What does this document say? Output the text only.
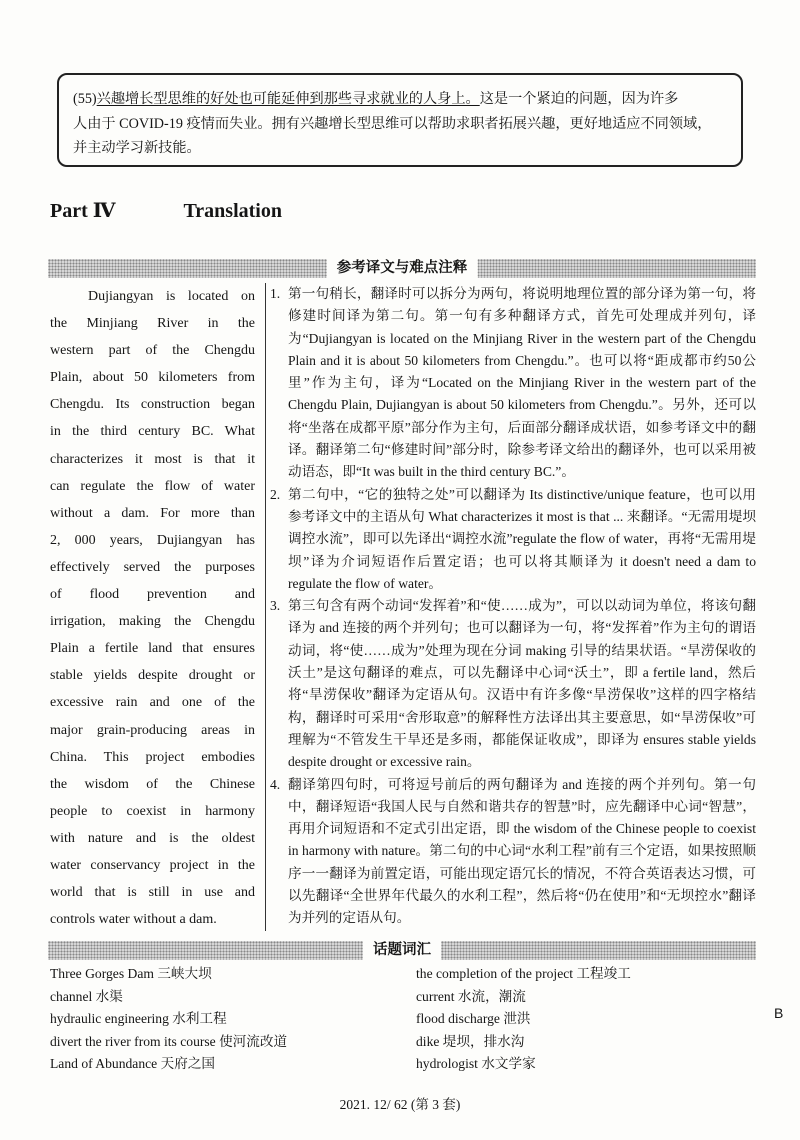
(55)兴趣增长型思维的好处也可能延伸到那些寻求就业的人身上。这是一个紧迫的问题，因为许多
人由于 COVID-19 疫情而失业。拥有兴趣增长型思维可以帮助求职者拓展兴趣，更好地适应不同领域，
并主动学习新技能。
Part Ⅳ	Translation
参考译文与难点注释
Dujiangyan is located on
the Minjiang River in the
western part of the Chengdu
Plain, about 50 kilometers from
Chengdu. Its construction began
in the third century BC. What
characterizes it most is that it
can regulate the flow of water
without a dam. For more than
2, 000 years, Dujiangyan has
effectively served the purposes
of flood prevention and
irrigation, making the Chengdu
Plain a fertile land that ensures
stable yields despite drought or
excessive rain and one of the
major grain-producing areas in
China. This project embodies
the wisdom of the Chinese
people to coexist in harmony
with nature and is the oldest
water conservancy project in the
world that is still in use and
controls water without a dam.
1. 第一句稍长，翻译时可以拆分为两句，将说明地理位置的部分译为第一句，将修建时间译为第二句。第一句有多种翻译方式，首先可处理成并列句，译为“Dujiangyan is located on the Minjiang River in the western part of the Chengdu Plain and it is about 50 kilometers from Chengdu.”。也可以将“距成都市约50公里”作为主句，译为“Located on the Minjiang River in the western part of the Chengdu Plain, Dujiangyan is about 50 kilometers from Chengdu.”。另外，还可以将“坐落在成都平原”部分作为主句，后面部分翻译成状语，如参考译文中的翻译。翻译第二句“修建时间”部分时，除参考译文给出的翻译外，也可以采用被动语态，即“It was built in the third century BC.”。
2. 第二句中，“它的独特之处”可以翻译为 Its distinctive/unique feature，也可以用参考译文中的主语从句 What characterizes it most is that ... 来翻译。“无需用堤坝调控水流”，即可以先译出“调控水流”regulate the flow of water，再将“无需用堤坝”译为介词短语作后置定语；也可以将其顺译为 it doesn't need a dam to regulate the flow of water。
3. 第三句含有两个动词“发挥着”和“使……成为”，可以以动词为单位，将该句翻译为 and 连接的两个并列句；也可以翻译为一句，将“发挥着”作为主句的谓语动词，将“使……成为”处理为现在分词 making 引导的结果状语。“旱涝保收的沃土”是这句翻译的难点，可以先翻译中心词“沃土”，即 a fertile land，然后将“旱涝保收”翻译为定语从句。汉语中有许多像“旱涝保收”这样的四字格结构，翻译时可采用“舍形取意”的解释性方法译出其主要意思，如“旱涝保收”可理解为“不管发生干旱还是多雨，都能保证收成”，即译为 ensures stable yields despite drought or excessive rain。
4. 翻译第四句时，可将逗号前后的两句翻译为 and 连接的两个并列句。第一句中，翻译短语“我国人民与自然和谐共存的智慧”时，应先翻译中心词“智慧”，再用介词短语和不定式引出定语，即 the wisdom of the Chinese people to coexist in harmony with nature。第二句的中心词“水利工程”前有三个定语，如果按照顺序一一翻译为前置定语，可能出现定语冗长的情况，不符合英语表达习惯，可以先翻译“全世界年代最久的水利工程”，然后将“仍在使用”和“无坝控水”翻译为并列的定语从句。
话题词汇
Three Gorges Dam 三峡大坝
channel 水渠
hydraulic engineering 水利工程
divert the river from its course 使河流改道
Land of Abundance 天府之国
the completion of the project 工程竣工
current 水流，潮流
flood discharge 泄洪
dike 堤坝，排水沟
hydrologist 水文学家
B
2021. 12/ 62 (第 3 套)
